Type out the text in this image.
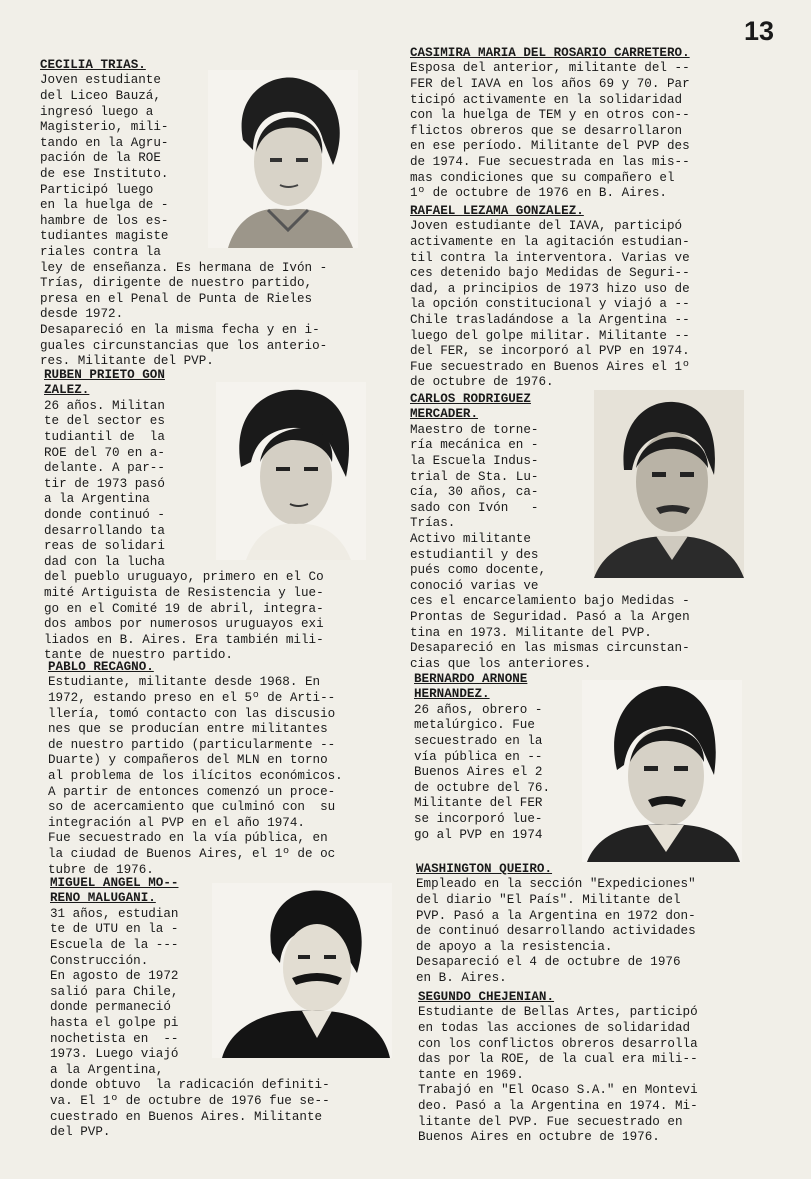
13
CECILIA TRIAS.
Joven estudiante
del Liceo Bauzá,
ingresó luego a
Magisterio, mili-
tando en la Agru-
pación de la ROE
de ese Instituto.
Participó luego
en la huelga de -
hambre de los es-
tudiantes magiste
riales contra la
ley de enseñanza. Es hermana de Ivón -
Trías, dirigente de nuestro partido,
presa en el Penal de Punta de Rieles
desde 1972.
Desapareció en la misma fecha y en i-
guales circunstancias que los anterio-
res. Militante del PVP.
RUBEN PRIETO GON
ZALEZ.
26 años. Militan
te del sector es
tudiantil de  la
ROE del 70 en a-
delante. A par--
tir de 1973 pasó
a la Argentina
donde continuó -
desarrollando ta
reas de solidari
dad con la lucha
del pueblo uruguayo, primero en el Co
mité Artiguista de Resistencia y lue-
go en el Comité 19 de abril, integra-
dos ambos por numerosos uruguayos exi
liados en B. Aires. Era también mili-
tante de nuestro partido.
PABLO RECAGNO.
Estudiante, militante desde 1968. En
1972, estando preso en el 5º de Arti--
llería, tomó contacto con las discusio
nes que se producían entre militantes
de nuestro partido (particularmente --
Duarte) y compañeros del MLN en torno
al problema de los ilícitos económicos.
A partir de entonces comenzó un proce-
so de acercamiento que culminó con  su
integración al PVP en el año 1974.
Fue secuestrado en la vía pública, en
la ciudad de Buenos Aires, el 1º de oc
tubre de 1976.
MIGUEL ANGEL MO--
RENO MALUGANI.
31 años, estudian
te de UTU en la -
Escuela de la ---
Construcción.
En agosto de 1972
salió para Chile,
donde permaneció
hasta el golpe pi
nochetista en  --
1973. Luego viajó
a la Argentina,
donde obtuvo  la radicación definiti-
va. El 1º de octubre de 1976 fue se--
cuestrado en Buenos Aires. Militante
del PVP.
CASIMIRA MARIA DEL ROSARIO CARRETERO.
Esposa del anterior, militante del --
FER del IAVA en los años 69 y 70. Par
ticipó activamente en la solidaridad
con la huelga de TEM y en otros con--
flictos obreros que se desarrollaron
en ese período. Militante del PVP des
de 1974. Fue secuestrada en las mis--
mas condiciones que su compañero el
1º de octubre de 1976 en B. Aires.
RAFAEL LEZAMA GONZALEZ.
Joven estudiante del IAVA, participó
activamente en la agitación estudian-
til contra la interventora. Varias ve
ces detenido bajo Medidas de Seguri--
dad, a principios de 1973 hizo uso de
la opción constitucional y viajó a --
Chile trasladándose a la Argentina --
luego del golpe militar. Militante --
del FER, se incorporó al PVP en 1974.
Fue secuestrado en Buenos Aires el 1º
de octubre de 1976.
CARLOS RODRIGUEZ
MERCADER.
Maestro de torne-
ría mecánica en -
la Escuela Indus-
trial de Sta. Lu-
cía, 30 años, ca-
sado con Ivón   -
Trías.
Activo militante
estudiantil y des
pués como docente,
conoció varias ve
ces el encarcelamiento bajo Medidas -
Prontas de Seguridad. Pasó a la Argen
tina en 1973. Militante del PVP.
Desapareció en las mismas circunstan-
cias que los anteriores.
BERNARDO ARNONE
HERNANDEZ.
26 años, obrero -
metalúrgico. Fue
secuestrado en la
vía pública en --
Buenos Aires el 2
de octubre del 76.
Militante del FER
se incorporó lue-
go al PVP en 1974
WASHINGTON QUEIRO.
Empleado en la sección "Expediciones"
del diario "El País". Militante del
PVP. Pasó a la Argentina en 1972 don-
de continuó desarrollando actividades
de apoyo a la resistencia.
Desapareció el 4 de octubre de 1976
en B. Aires.
SEGUNDO CHEJENIAN.
Estudiante de Bellas Artes, participó
en todas las acciones de solidaridad
con los conflictos obreros desarrolla
das por la ROE, de la cual era mili--
tante en 1969.
Trabajó en "El Ocaso S.A." en Montevi
deo. Pasó a la Argentina en 1974. Mi-
litante del PVP. Fue secuestrado en
Buenos Aires en octubre de 1976.
